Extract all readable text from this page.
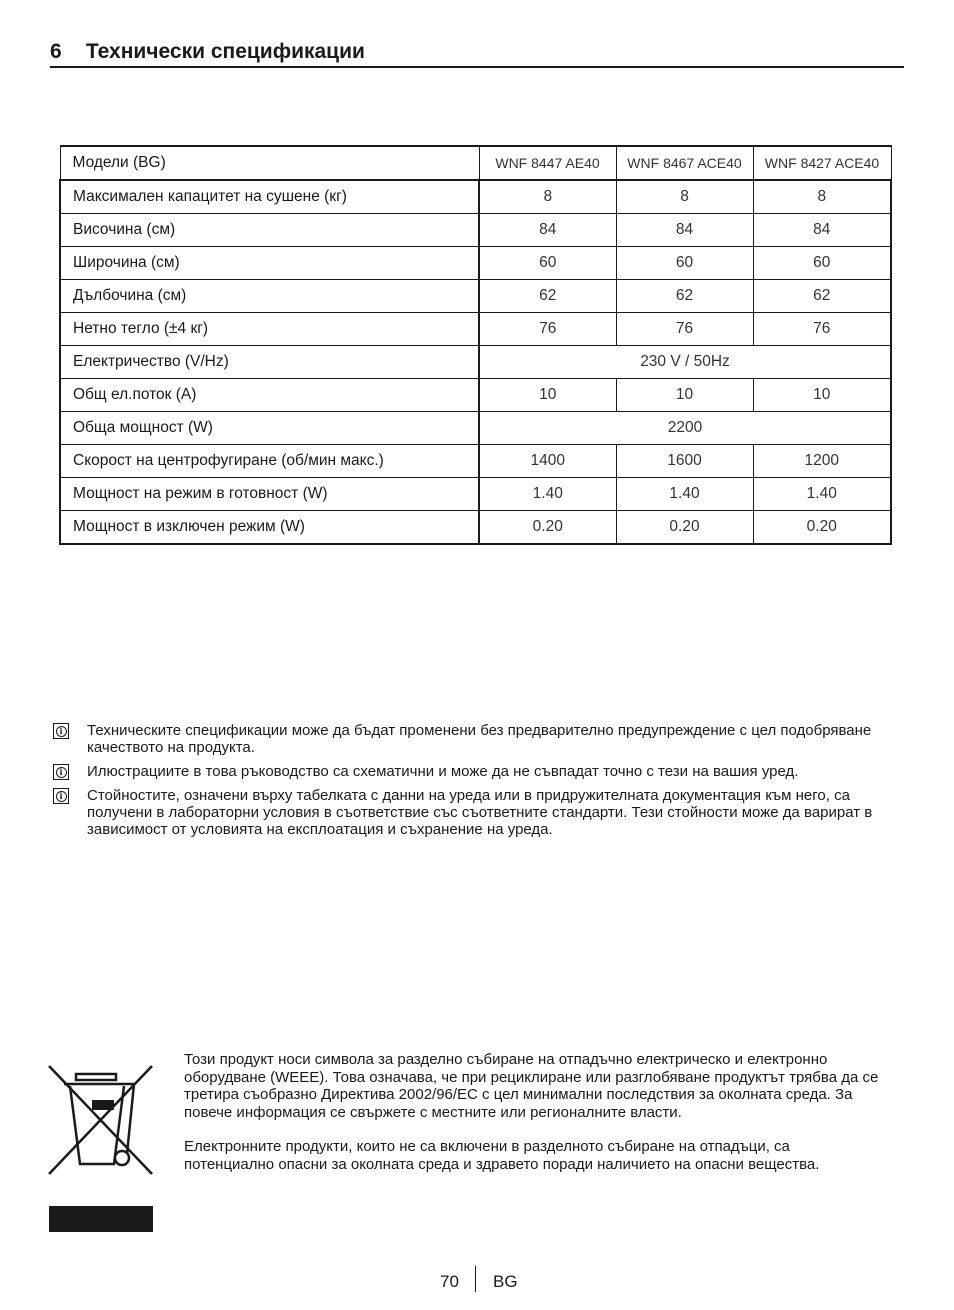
6 Технически спецификации
Модели (BG)	WNF 8447 AE40	WNF 8467 ACE40	WNF 8427 ACE40
Максимален капацитет на сушене (кг)	8	8	8
Височина (см)	84	84	84
Широчина (см)	60	60	60
Дълбочина (см)	62	62	62
Нетно тегло (±4 кг)	76	76	76
Електричество (V/Hz)	230 V / 50Hz		
Общ ел.поток (A)	10	10	10
Обща мощност (W)	2200		
Скорост на центрофугиране (об/мин макс.)	1400	1600	1200
Мощност на режим в готовност (W)	1.40	1.40	1.40
Мощност в изключен режим (W)	0.20	0.20	0.20
i Техническите спецификации може да бъдат променени без предварително предупреждение с цел подобряване качеството на продукта.
i Илюстрациите в това ръководство са схематични и може да не съвпадат точно с тези на вашия уред.
i Стойностите, означени върху табелката с данни на уреда или в придружителната документация към него, са получени в лабораторни условия в съответствие със съответните стандарти. Тези стойности може да варират в зависимост от условията на експлоатация и съхранение на уреда.

Този продукт носи символа за разделно събиране на отпадъчно електрическо и електронно оборудване (WEEE). Това означава, че при рециклиране или разглобяване продуктът трябва да се третира съобразно Директива 2002/96/ЕС с цел минимални последствия за околната среда. За повече информация се свържете с местните или регионалните власти.

Електронните продукти, които не са включени в разделното събиране на отпадъци, са потенциално опасни за околната среда и здравето поради наличието на опасни вещества.

70 BG
